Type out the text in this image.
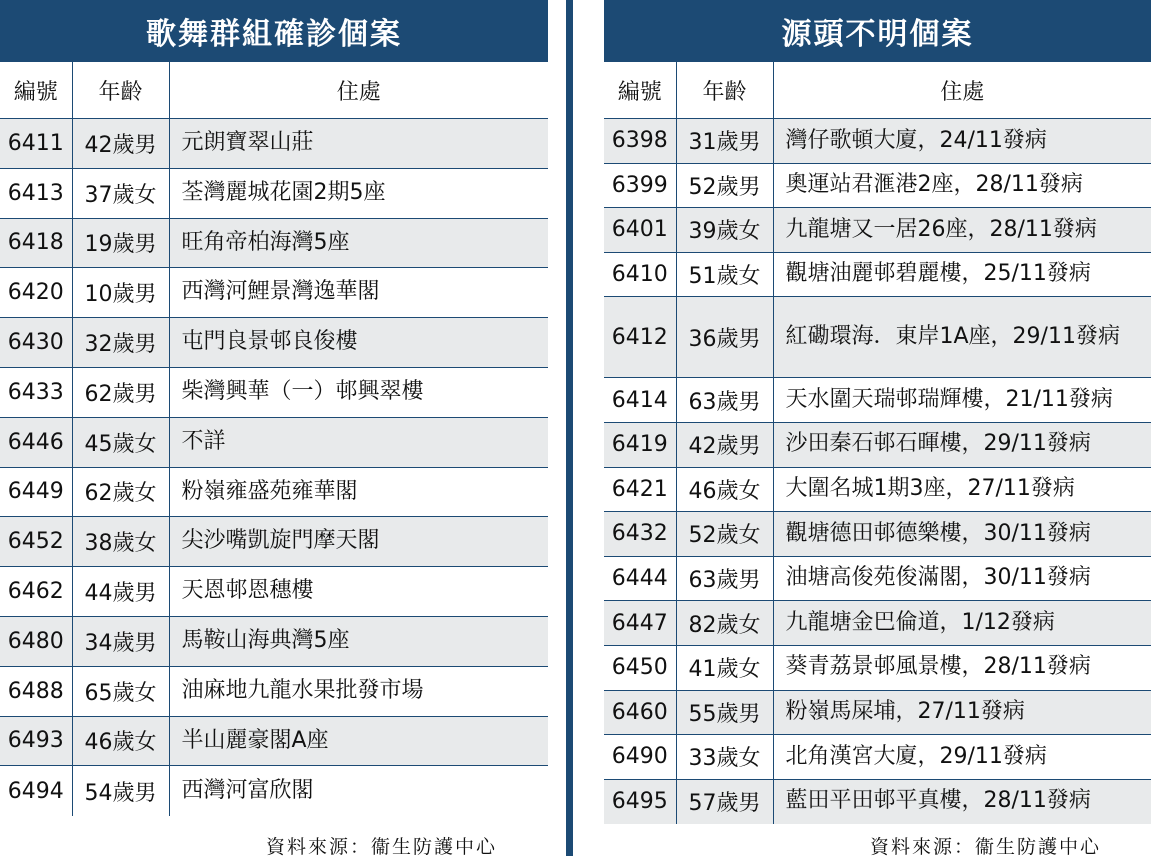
歌舞群組確診個案
編號	年齡	住處
6411	42歲男	元朗寶翠山莊
6413	37歲女	荃灣麗城花園2期5座
6418	19歲男	旺角帝柏海灣5座
6420	10歲男	西灣河鯉景灣逸華閣
6430	32歲男	屯門良景邨良俊樓
6433	62歲男	柴灣興華（一）邨興翠樓
6446	45歲女	不詳
6449	62歲女	粉嶺雍盛苑雍華閣
6452	38歲女	尖沙嘴凱旋門摩天閣
6462	44歲男	天恩邨恩穗樓
6480	34歲男	馬鞍山海典灣5座
6488	65歲女	油麻地九龍水果批發市場
6493	46歲女	半山麗豪閣A座
6494	54歲男	西灣河富欣閣
源頭不明個案
編號	年齡	住處
6398	31歲男	灣仔歌頓大廈，24/11發病
6399	52歲男	奧運站君滙港2座，28/11發病
6401	39歲女	九龍塘又一居26座，28/11發病
6410	51歲女	觀塘油麗邨碧麗樓，25/11發病
6412	36歲男	紅磡環海．東岸1A座，29/11發病
6414	63歲男	天水圍天瑞邨瑞輝樓，21/11發病
6419	42歲男	沙田秦石邨石暉樓，29/11發病
6421	46歲女	大圍名城1期3座，27/11發病
6432	52歲女	觀塘德田邨德樂樓，30/11發病
6444	63歲男	油塘高俊苑俊滿閣，30/11發病
6447	82歲女	九龍塘金巴倫道，1/12發病
6450	41歲女	葵青荔景邨風景樓，28/11發病
6460	55歲男	粉嶺馬屎埔，27/11發病
6490	33歲女	北角漢宮大廈，29/11發病
6495	57歲男	藍田平田邨平真樓，28/11發病
資料來源：衞生防護中心	資料來源：衞生防護中心
